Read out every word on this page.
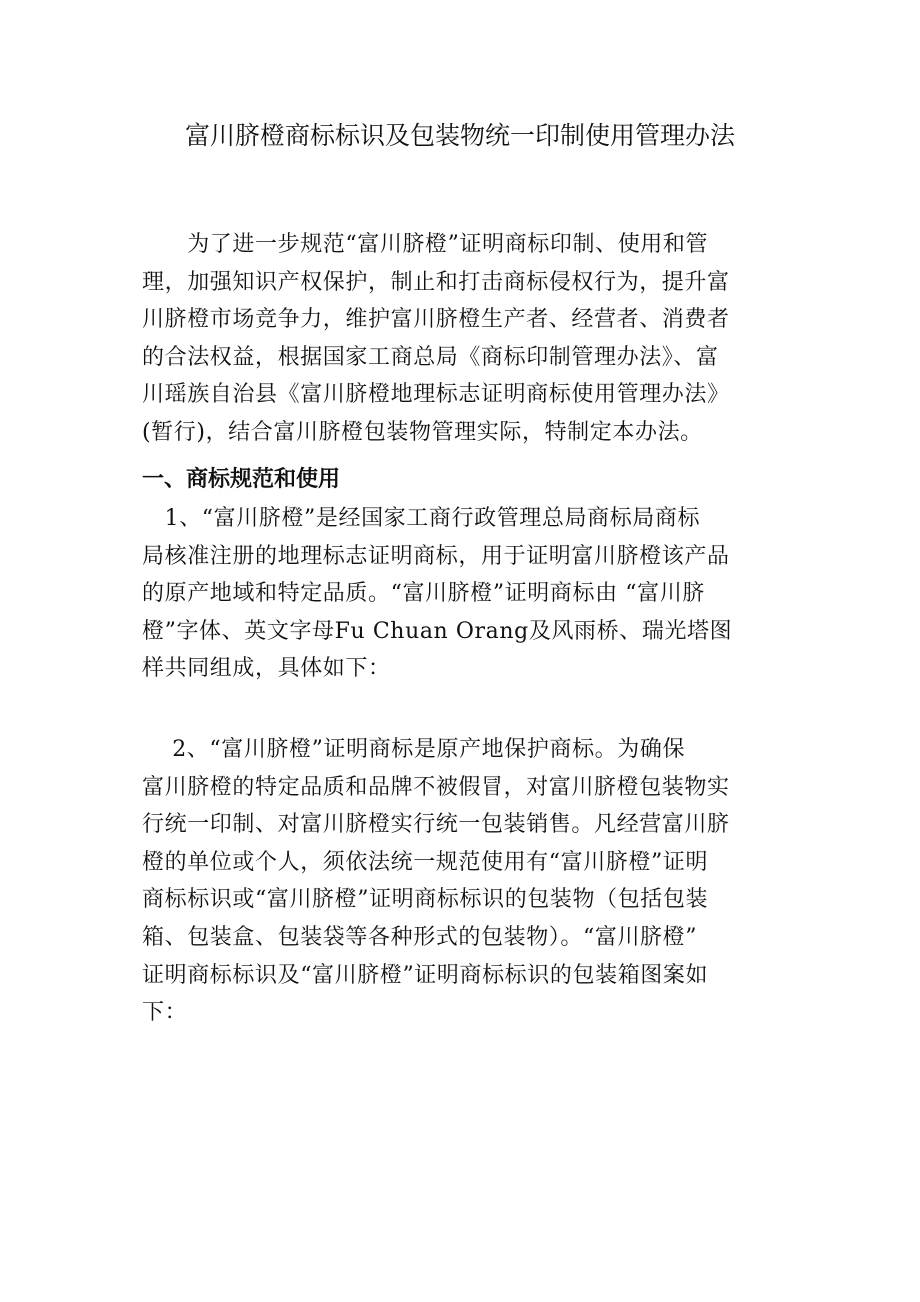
富川脐橙商标标识及包装物统一印制使用管理办法
　　为了进一步规范“富川脐橙”证明商标印制、使用和管
理，加强知识产权保护，制止和打击商标侵权行为，提升富
川脐橙市场竞争力，维护富川脐橙生产者、经营者、消费者
的合法权益，根据国家工商总局《商标印制管理办法》、富
川瑶族自治县《富川脐橙地理标志证明商标使用管理办法》
(暂行)，结合富川脐橙包装物管理实际，特制定本办法。
一、商标规范和使用
　1、“富川脐橙”是经国家工商行政管理总局商标局商标
局核准注册的地理标志证明商标，用于证明富川脐橙该产品
的原产地域和特定品质。“富川脐橙”证明商标由 “富川脐
橙”字体、英文字母Fu Chuan Orang及风雨桥、瑞光塔图
样共同组成，具体如下：
　 2、“富川脐橙”证明商标是原产地保护商标。为确保
富川脐橙的特定品质和品牌不被假冒，对富川脐橙包装物实
行统一印制、对富川脐橙实行统一包装销售。凡经营富川脐
橙的单位或个人，须依法统一规范使用有“富川脐橙”证明
商标标识或“富川脐橙”证明商标标识的包装物（包括包装
箱、包装盒、包装袋等各种形式的包装物）。“富川脐橙”
证明商标标识及“富川脐橙”证明商标标识的包装箱图案如
下：
